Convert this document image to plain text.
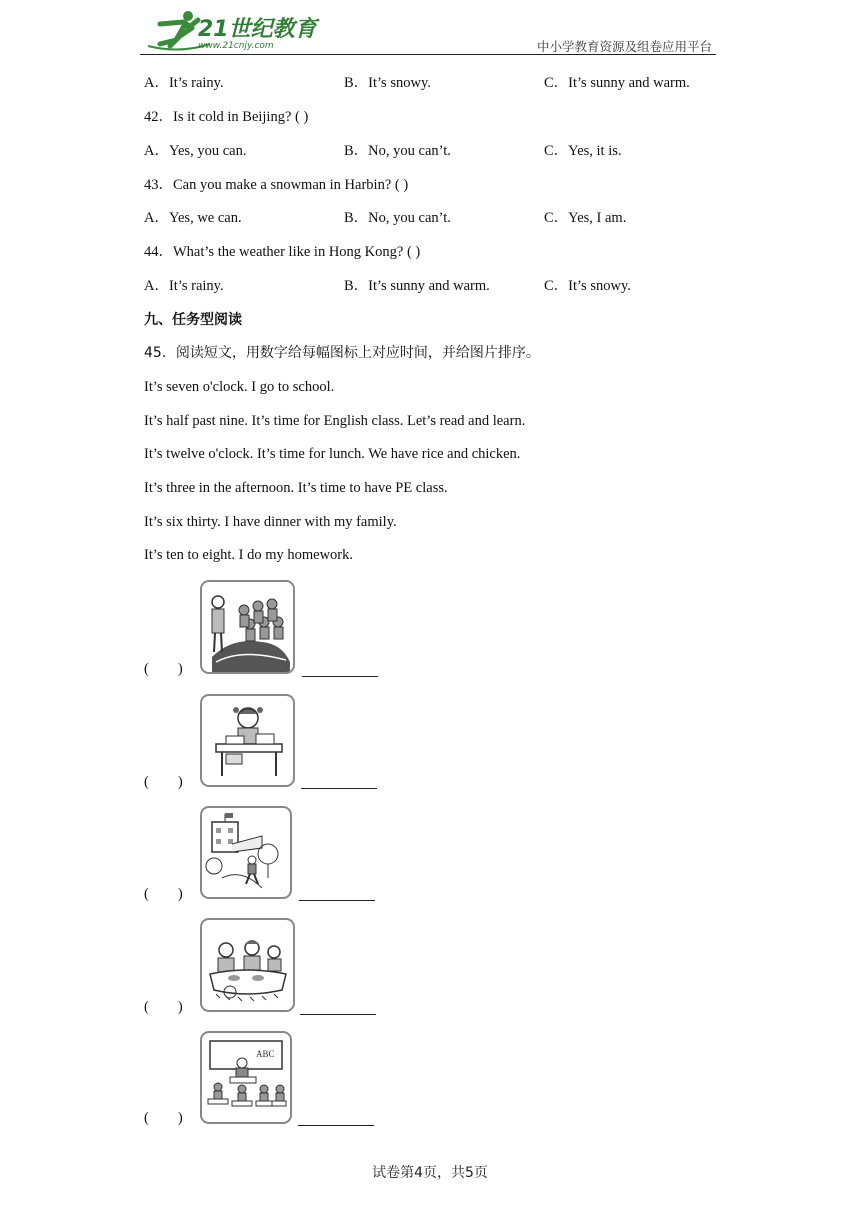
21世纪教育
www.21cnjy.com	中小学教育资源及组卷应用平台
A．It’s rainy.	B．It’s snowy.	C．It’s sunny and warm.
42．Is it cold in Beijing? ( )
A．Yes, you can.	B．No, you can’t.	C．Yes, it is.
43．Can you make a snowman in Harbin? ( )
A．Yes, we can.	B．No, you can’t.	C．Yes, I am.
44．What’s the weather like in Hong Kong? ( )
A．It’s rainy.	B．It’s sunny and warm.	C．It’s snowy.
九、任务型阅读
45．阅读短文，用数字给每幅图标上对应时间，并给图片排序。
It’s seven o'clock. I go to school.
It’s half past nine. It’s time for English class. Let’s read and learn.
It’s twelve o'clock. It’s time for lunch. We have rice and chicken.
It’s three in the afternoon. It’s time to have PE class.
It’s six thirty. I have dinner with my family.
It’s ten to eight. I do my homework.
(        )
(        )
(        )
(        )
(        )
ABC
试卷第4页，共5页
